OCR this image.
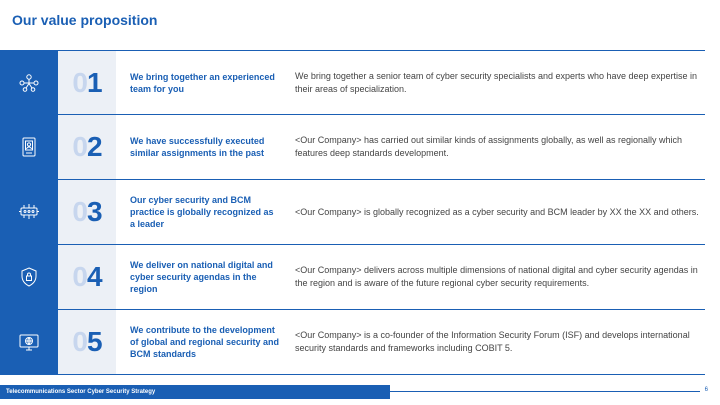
Our value proposition
0 1	We bring together an experienced team for you
We bring together a senior team of cyber security specialists and experts who have deep expertise in their areas of specialization.
0 2	We have successfully executed similar assignments in the past
<Our Company> has carried out similar kinds of assignments globally, as well as regionally which features deep standards development.
0 3	Our cyber security and BCM practice is globally recognized as a leader
<Our Company> is globally recognized as a cyber security and BCM leader by XX the XX and others.
0 4	We deliver on national digital and cyber security agendas in the region
<Our Company> delivers across multiple dimensions of national digital and cyber security agendas in the region and is aware of the future regional cyber security requirements.
0 5	We contribute to the development of global and regional security and BCM standards
<Our Company> is a co-founder of the Information Security Forum (ISF) and develops international security standards and frameworks including COBIT 5.
Telecommunications Sector Cyber Security Strategy	6
